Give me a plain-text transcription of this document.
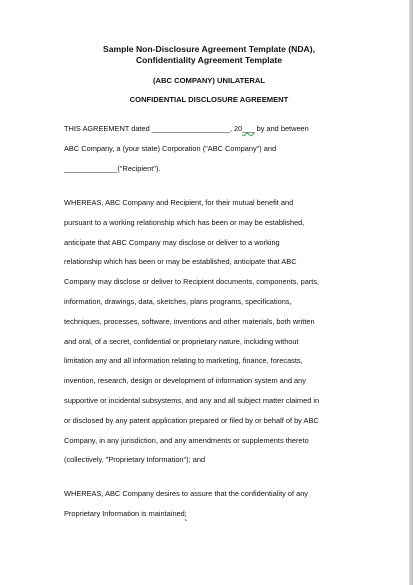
Sample Non-Disclosure Agreement Template (NDA),

Confidentiality Agreement Template

(ABC COMPANY) UNILATERAL

CONFIDENTIAL DISCLOSURE AGREEMENT

THIS AGREEMENT dated ___________________, 20___ by and between

ABC Company, a (your state) Corporation ("ABC Company") and

_____________("Recipient").

WHEREAS, ABC Company and Recipient, for their mutual benefit and

pursuant to a working relationship which has been or may be established,

anticipate that ABC Company may disclose or deliver to a working

relationship which has been or may be established, anticipate that ABC

Company may disclose or deliver to Recipient documents, components, parts,

information, drawings, data, sketches, plans programs, specifications,

techniques, processes, software, inventions and other materials, both written

and oral, of a secret, confidential or proprietary nature, including without

limitation any and all information relating to marketing, finance, forecasts,

invention, research, design or development of information system and any

supportive or incidental subsystems, and any and all subject matter claimed in

or disclosed by any patent application prepared or filed by or behalf of by ABC

Company, in any jurisdiction, and any amendments or supplements thereto

(collectively, "Proprietary Information"); and

WHEREAS, ABC Company desires to assure that the confidentiality of any

Proprietary Information is maintained;
